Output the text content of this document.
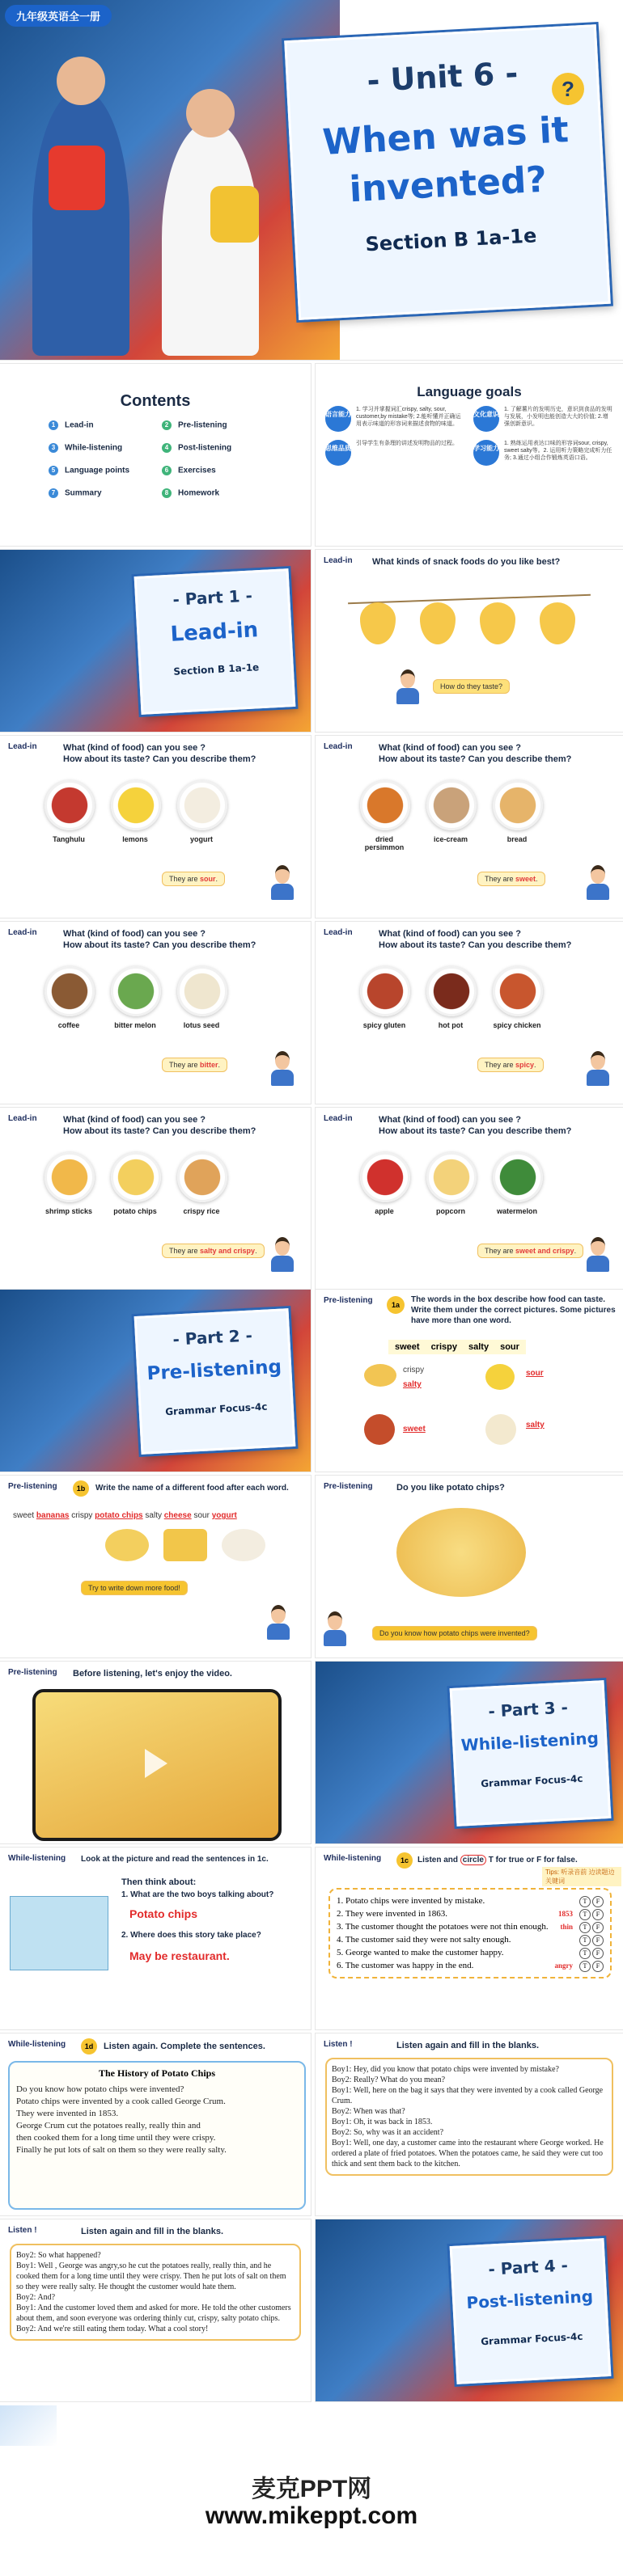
九年级英语全一册
- Unit 6 -
When was it
invented?
Section B 1a-1e
?
Contents
1 Lead-in	2 Pre-listening
3 While-listening	4 Post-listening
5 Language points	6 Exercises
7 Summary	8 Homework
Language goals
语言能力
1. 学习并掌握词汇crispy, salty, sour, customer,by mistake等; 2.能听懂并正确运用表示味道的形容词来描述食物的味道。
文化意识
1. 了解薯片的发明历史，意识到食品的发明与发展，小发明也能创造大大的价值; 2.增强创新意识。
思维品质
引导学生有条理的讲述发明物品的过程。
学习能力
1. 熟练运用表达口味的形容词sour, crispy, sweet salty等。2. 运用听力策略完成听力任务; 3.通过小组合作锻炼英语口语。
- Part 1 -
Lead-in
Section B 1a-1e
Lead-in What kinds of snack foods do you like best?
How do they taste?
Lead-in	What (kind of food) can you see ?
How about its taste? Can you describe them?
Tanghulu	lemons	yogurt
They are sour.
Lead-in	What (kind of food) can you see ?
How about its taste? Can you describe them?
dried persimmon
ice-cream	bread
They are sweet.
Lead-in	What (kind of food) can you see ?
How about its taste? Can you describe them?
coffee	bitter melon	lotus seed
They are bitter.
Lead-in	What (kind of food) can you see ?
How about its taste? Can you describe them?
spicy gluten	hot pot	spicy chicken
They are spicy.
Lead-in	What (kind of food) can you see ?
How about its taste? Can you describe them?
shrimp sticks	potato chips	crispy rice
They are salty and crispy.
Lead-in	What (kind of food) can you see ?
How about its taste? Can you describe them?
apple	popcorn	watermelon
They are sweet and crispy.
- Part 2 -
Pre-listening
Grammar Focus-4c
Pre-listening	1a
The words in the box describe how food can taste. Write them under the correct pictures. Some pictures have more than one word.
sweet crispy salty sour
crispy
salty
sour
sweet	salty
Pre-listening	1b	Write the name of a different food after each word.
sweet bananas crispy potato chips salty cheese sour yogurt
Try to write down more food!
Pre-listening	Do you like potato chips?
Do you know how potato chips were invented?
Pre-listening Before listening, let's enjoy the video.
- Part 3 -
While-listening
Grammar Focus-4c
While-listening Look at the picture and read the sentences in 1c.
Then think about:
1. What are the two boys talking about?
Potato chips
2. Where does this story take place?
May be restaurant.
While-listening	1c	Listen and circle T for true or F for false.
Tips: 听录音前 边读题边关键词
1. Potato chips were invented by mistake.	T F
2. They were invented in 1863.	1853 T F
3. The customer thought the potatoes were not thin enough. thin T F
4. The customer said they were not salty enough.	T F
5. George wanted to make the customer happy.	T F
6. The customer was happy in the end.	angry T F
While-listening	1d	Listen again. Complete the sentences.
The History of Potato Chips
Do you know how potato chips were invented?
Potato chips were invented by a cook called George Crum.
They were invented in 1853.
George Crum cut the potatoes really, really thin and
then cooked them for a long time until they were crispy.
Finally he put lots of salt on them so they were really salty.
Listen !	Listen again and fill in the blanks.
Boy1: Hey, did you know that potato chips were invented by mistake?
Boy2: Really? What do you mean?
Boy1: Well, here on the bag it says that they were invented by a cook called George Crum.
Boy2: When was that?
Boy1: Oh, it was back in 1853.
Boy2: So, why was it an accident?
Boy1: Well, one day, a customer came into the restaurant where George worked. He ordered a plate of fried potatoes. When the potatoes came, he said they were cut too thick and sent them back to the kitchen.
Listen !	Listen again and fill in the blanks.
Boy2: So what happened?
Boy1: Well , George was angry,so he cut the potatoes really, really thin, and he cooked them for a long time until they were crispy. Then he put lots of salt on them so they were really salty. He thought the customer would hate them.
Boy2: And?
Boy1: And the customer loved them and asked for more. He told the other customers about them, and soon everyone was ordering thinly cut, crispy, salty potato chips.
Boy2: And we're still eating them today. What a cool story!
- Part 4 -
Post-listening
Grammar Focus-4c
麦克PPT网
www.mikeppt.com
